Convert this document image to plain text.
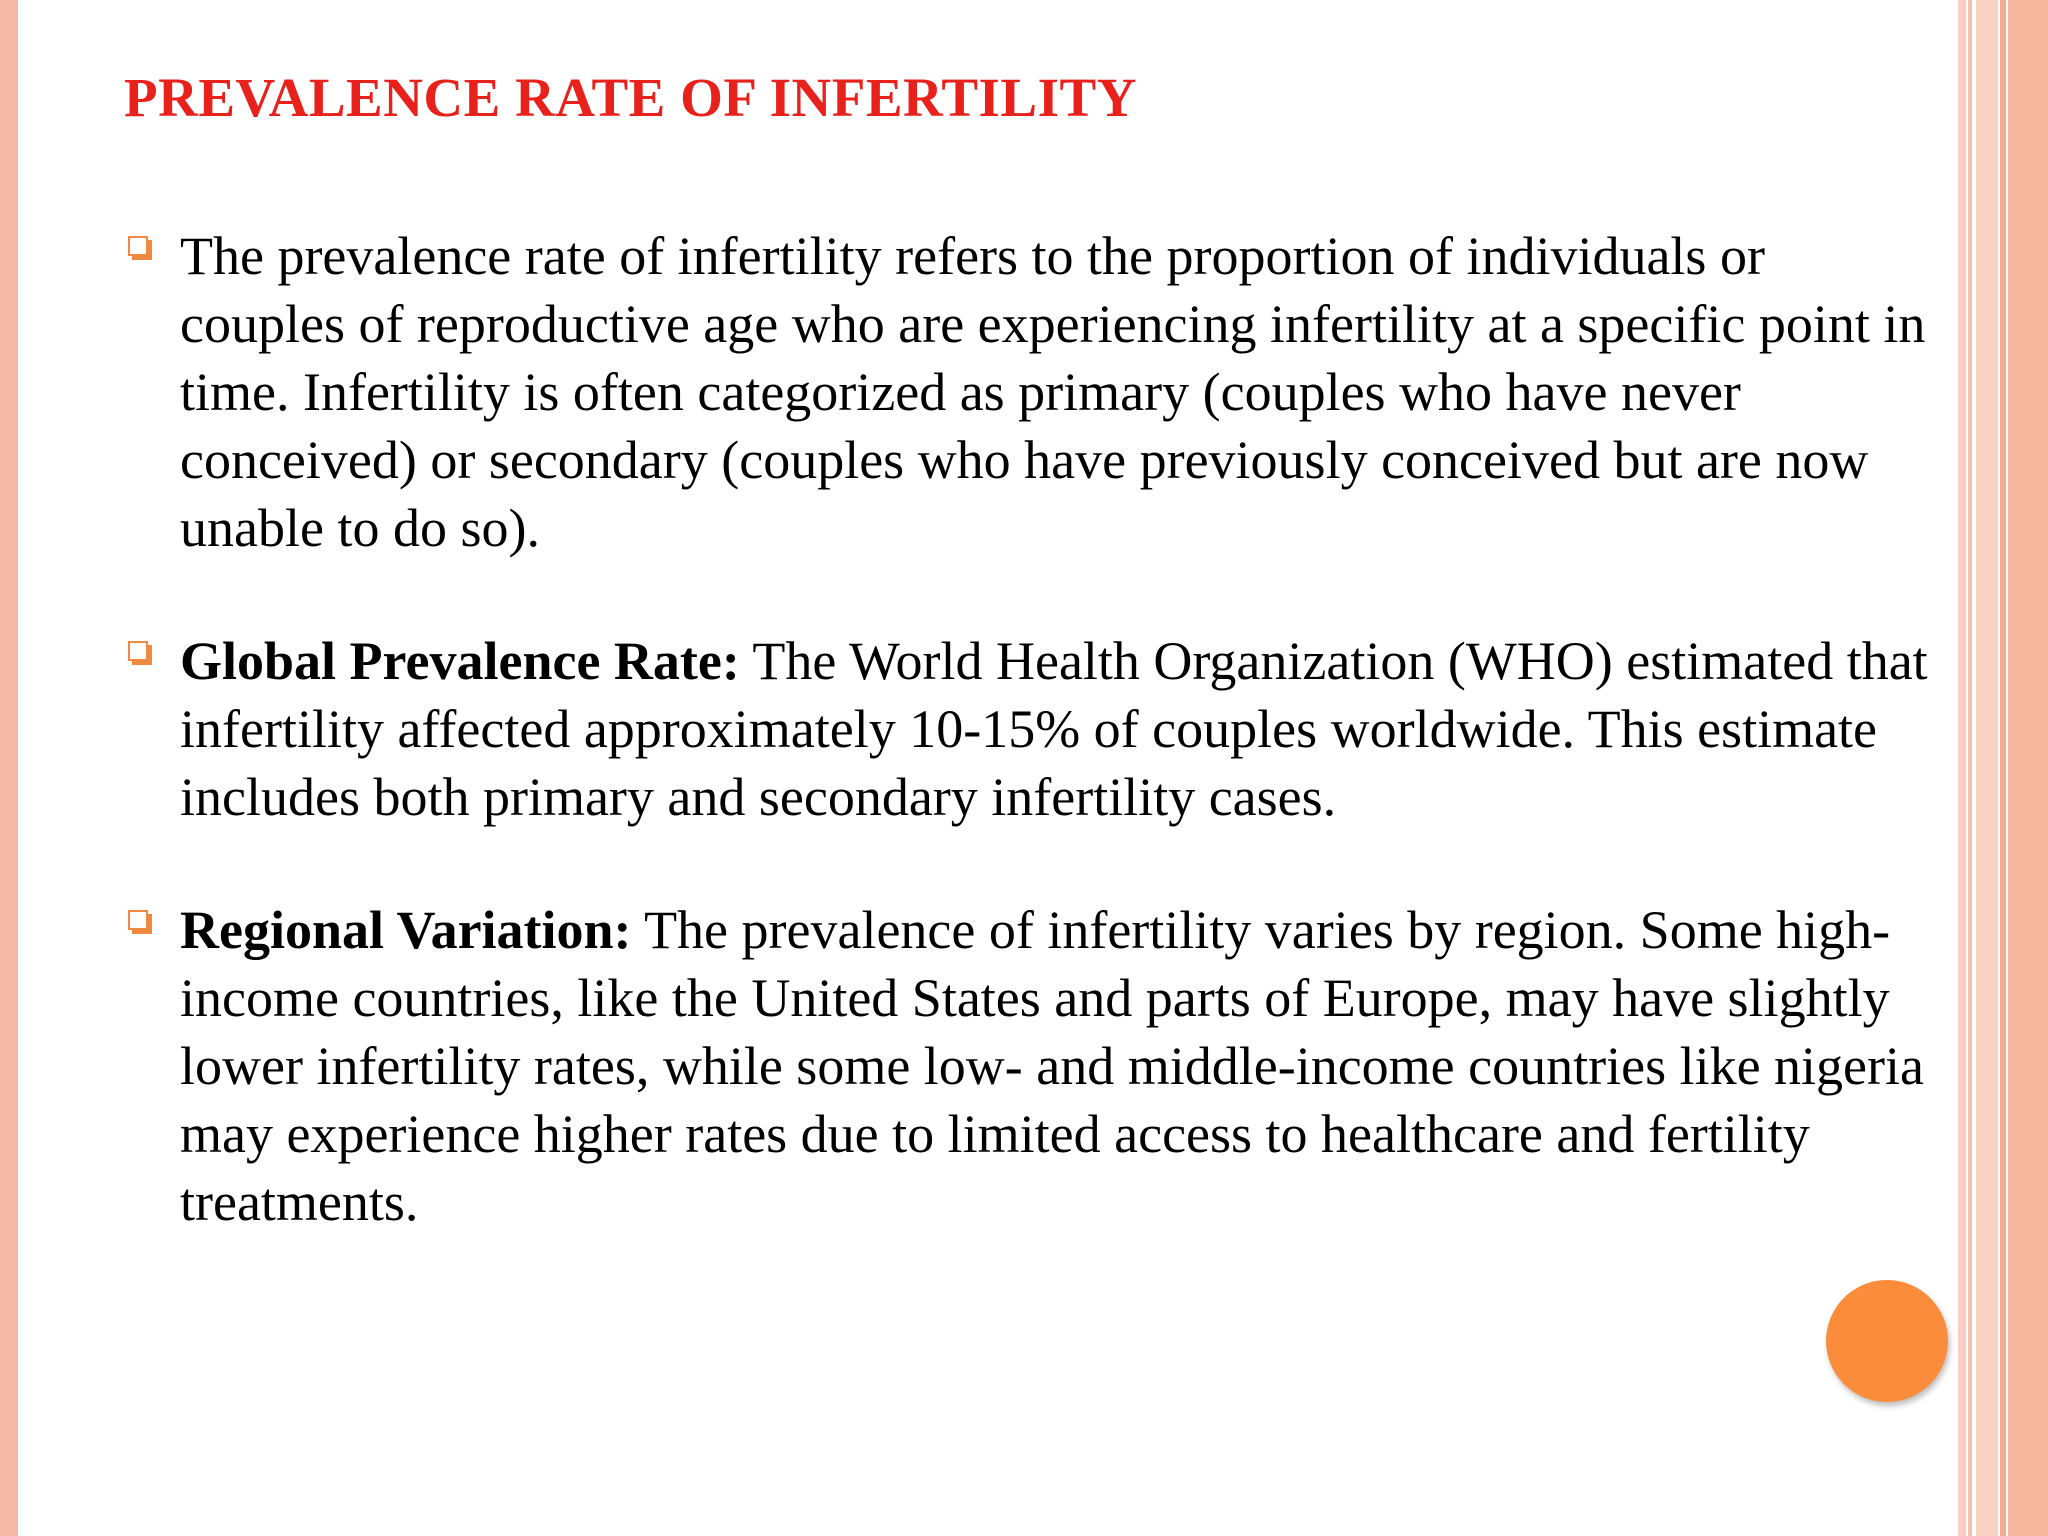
PREVALENCE RATE OF INFERTILITY
The prevalence rate of infertility refers to the proportion of individuals or couples of reproductive age who are experiencing infertility at a specific point in time. Infertility is often categorized as primary (couples who have never conceived) or secondary (couples who have previously conceived but are now unable to do so).
Global Prevalence Rate: The World Health Organization (WHO) estimated that infertility affected approximately 10-15% of couples worldwide. This estimate includes both primary and secondary infertility cases.
Regional Variation: The prevalence of infertility varies by region. Some high-income countries, like the United States and parts of Europe, may have slightly lower infertility rates, while some low- and middle-income countries like nigeria may experience higher rates due to limited access to healthcare and fertility treatments.
